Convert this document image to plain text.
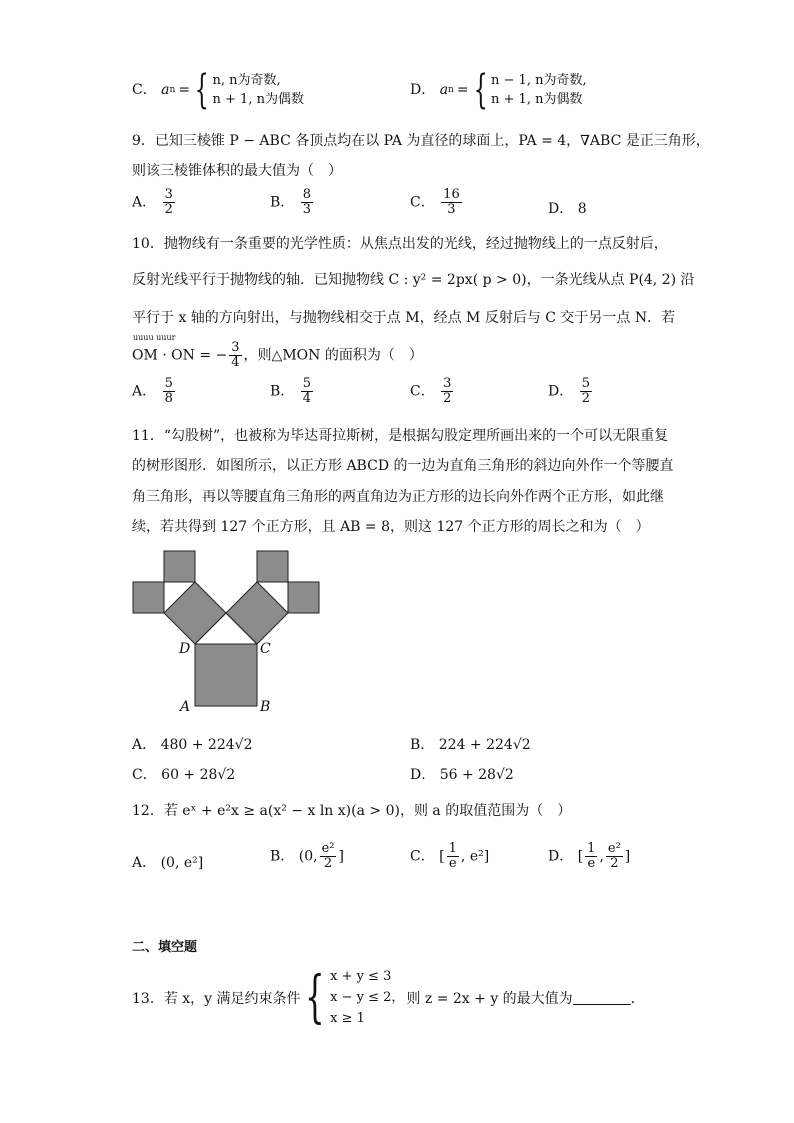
C． a n = { n, n为奇数,
n + 1, n为偶数
D． a n = { n − 1, n为奇数,
n + 1, n为偶数
9．已知三棱锥 P − ABC 各顶点均在以 PA 为直径的球面上，PA = 4，∇ABC 是正三角形，
则该三棱锥体积的最大值为（　）
A． $\frac{3}{2}$	B． $\frac{8}{3}$	C． $\frac{16}{3}$	D． 8
10．抛物线有一条重要的光学性质：从焦点出发的光线，经过抛物线上的一点反射后，
反射光线平行于抛物线的轴．已知抛物线 C : y² = 2px( p > 0)，一条光线从点 P(4, 2) 沿
平行于 x 轴的方向射出，与抛物线相交于点 M，经点 M 反射后与 C 交于另一点 N．若
uuuu uuur
OM · ON = − $\frac{3}{4}$ ，则△MON 的面积为（　）
A． $\frac{5}{8}$	B． $\frac{5}{4}$	C． $\frac{3}{2}$	D． $\frac{5}{2}$
11．“勾股树”，也被称为毕达哥拉斯树，是根据勾股定理所画出来的一个可以无限重复
的树形图形．如图所示，以正方形 ABCD 的一边为直角三角形的斜边向外作一个等腰直
角三角形，再以等腰直角三角形的两直角边为正方形的边长向外作两个正方形，如此继
续，若共得到 127 个正方形，且 AB = 8，则这 127 个正方形的周长之和为（　）
D	C
A	B
A． 480 + 224√2	B． 224 + 224√2
C． 60 + 28√2	D． 56 + 28√2
12．若 eˣ + e²x ≥ a(x² − x ln x)(a > 0)，则 a 的取值范围为（　）
A． (0, e²]	B． (0, $\frac{\text{e²}}{2}$ ]	C． [ $\frac{1}{e}$ , e²]	D． [ $\frac{1}{e}$ , $\frac{\text{e²}}{2}$ ]
二、填空题
13．若 x，y 满足约束条件 { x + y ≤ 3
x − y ≤ 2，
x ≥ 1
则 z = 2x + y 的最大值为	．
